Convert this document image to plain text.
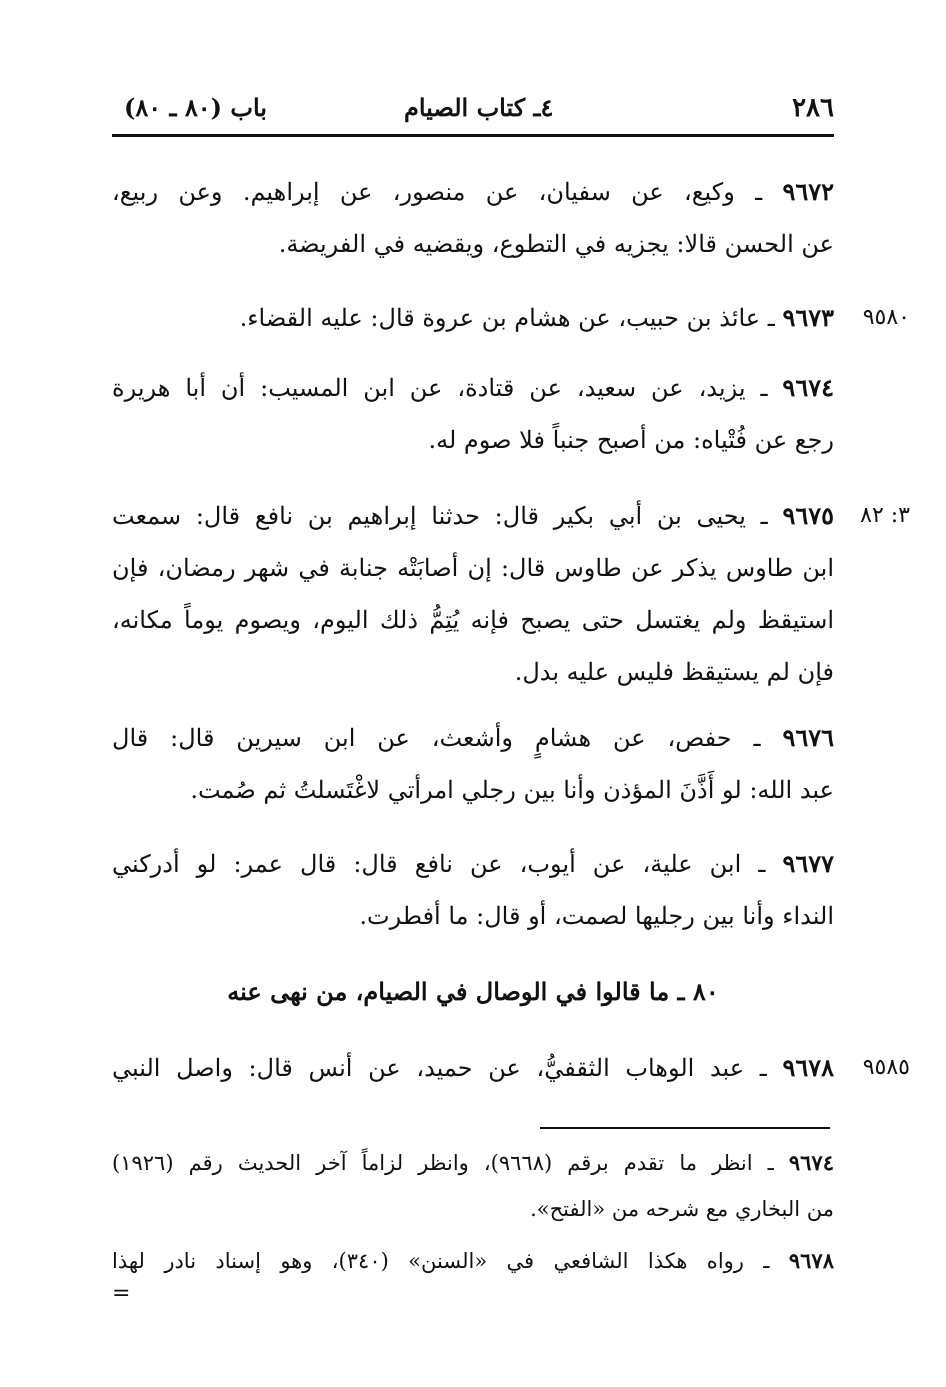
٢٨٦
٤ـ كتاب الصيام
باب (٨٠ ـ ٨٠)
٩٦٧٢ ـ وكيع، عن سفيان، عن منصور، عن إبراهيم. وعن ربيع،
عن الحسن قالا: يجزيه في التطوع، ويقضيه في الفريضة.
٩٥٨٠
٩٦٧٣ ـ عائذ بن حبيب، عن هشام بن عروة قال: عليه القضاء.
٩٦٧٤ ـ يزيد، عن سعيد، عن قتادة، عن ابن المسيب: أن أبا هريرة
رجع عن فُتْياه: من أصبح جنباً فلا صوم له.
٣: ٨٢
٩٦٧٥ ـ يحيى بن أبي بكير قال: حدثنا إبراهيم بن نافع قال: سمعت
ابن طاوس يذكر عن طاوس قال: إن أصابَتْه جنابة في شهر رمضان، فإن
استيقظ ولم يغتسل حتى يصبح فإنه يُتِمُّ ذلك اليوم، ويصوم يوماً مكانه،
فإن لم يستيقظ فليس عليه بدل.
٩٦٧٦ ـ حفص، عن هشامٍ وأشعث، عن ابن سيرين قال: قال
عبد الله: لو أَذَّنَ المؤذن وأنا بين رجلي امرأتي لاغْتَسلتُ ثم صُمت.
٩٦٧٧ ـ ابن علية، عن أيوب، عن نافع قال: قال عمر: لو أدركني
النداء وأنا بين رجليها لصمت، أو قال: ما أفطرت.
٨٠ ـ ما قالوا في الوصال في الصيام، من نهى عنه
٩٥٨٥
٩٦٧٨ ـ عبد الوهاب الثقفيُّ، عن حميد، عن أنس قال: واصل النبي
٩٦٧٤ ـ انظر ما تقدم برقم (٩٦٦٨)، وانظر لزاماً آخر الحديث رقم (١٩٢٦)
من البخاري مع شرحه من «الفتح».
٩٦٧٨ ـ رواه هكذا الشافعي في «السنن» (٣٤٠)، وهو إسناد نادر لهذا
=
